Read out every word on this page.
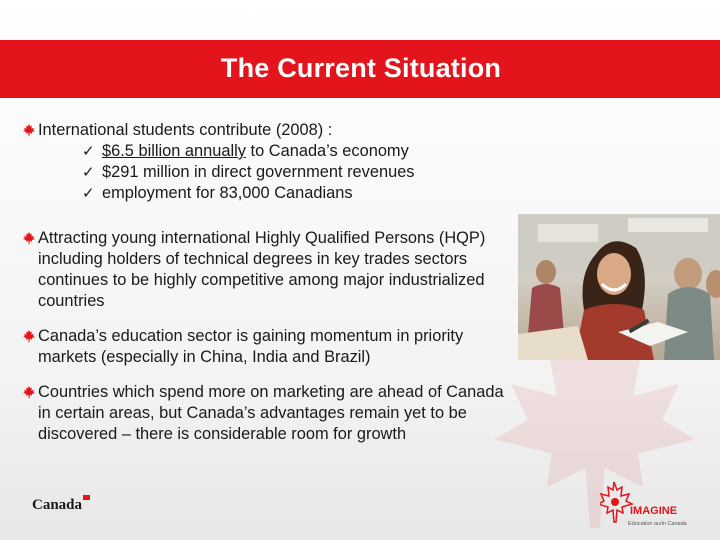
The Current Situation
International students contribute (2008) :
✓ $6.5 billion annually to Canada’s economy
✓ $291 million in direct government revenues
✓ employment for 83,000 Canadians
Attracting young international Highly Qualified Persons (HQP) including holders of technical degrees in key trades sectors continues to be highly competitive among major industrialized countries
Canada’s education sector is gaining momentum in priority markets (especially in China, India and Brazil)
Countries which spend more on marketing are ahead of Canada in certain areas, but Canada’s advantages remain yet to be discovered – there is considerable room for growth
Canada	IMAGINE
Education au/in Canada
